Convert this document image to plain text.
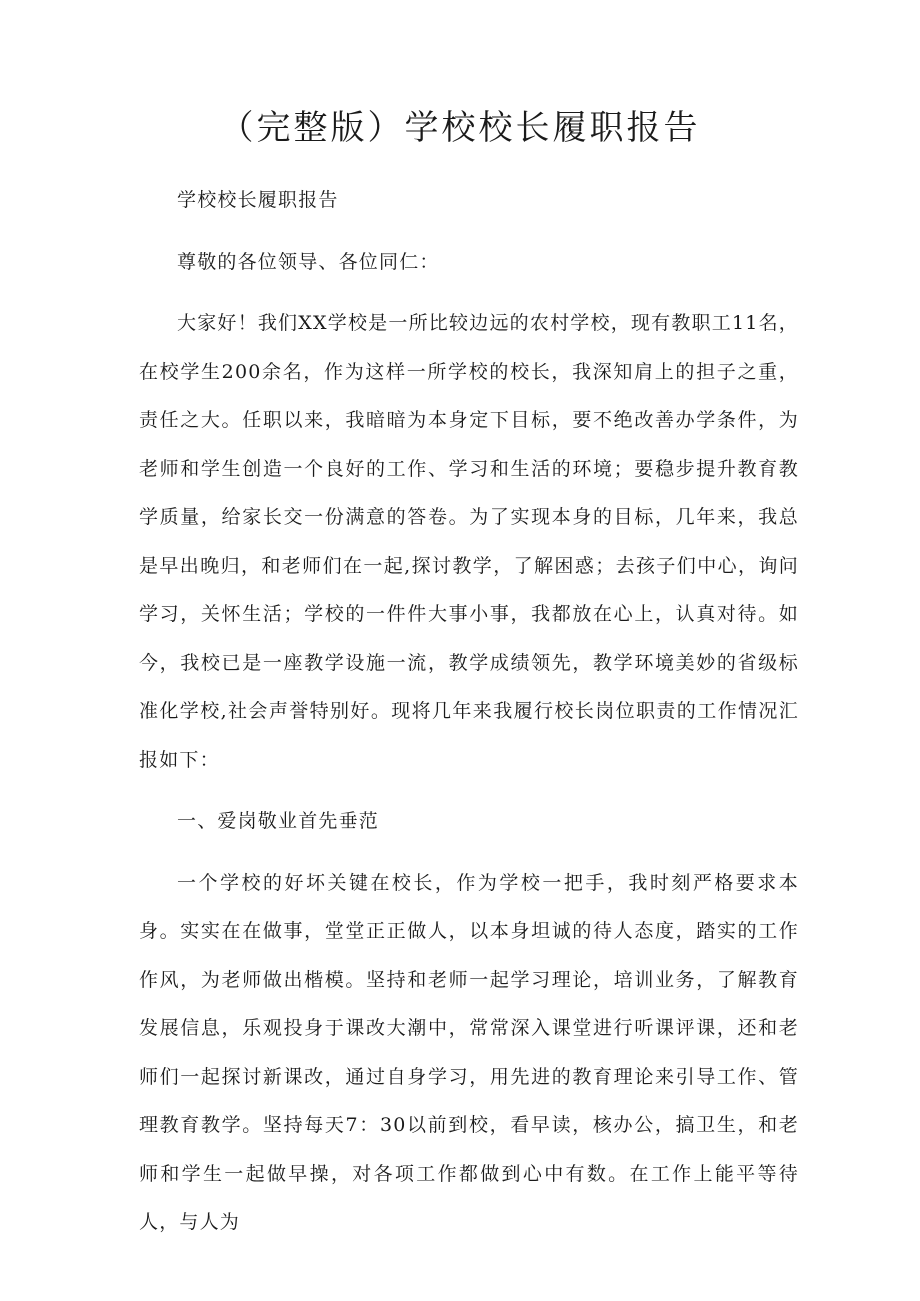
（完整版）学校校长履职报告

学校校长履职报告

尊敬的各位领导、各位同仁：

大家好！我们XX学校是一所比较边远的农村学校，现有教职工11名，在校学生200余名，作为这样一所学校的校长，我深知肩上的担子之重，责任之大。任职以来，我暗暗为本身定下目标，要不绝改善办学条件，为老师和学生创造一个良好的工作、学习和生活的环境；要稳步提升教育教学质量，给家长交一份满意的答卷。为了实现本身的目标，几年来，我总是早出晚归，和老师们在一起,探讨教学，了解困惑；去孩子们中心，询问学习，关怀生活；学校的一件件大事小事，我都放在心上，认真对待。如今，我校已是一座教学设施一流，教学成绩领先，教学环境美妙的省级标准化学校,社会声誉特别好。现将几年来我履行校长岗位职责的工作情况汇报如下：

一、爱岗敬业首先垂范

一个学校的好坏关键在校长，作为学校一把手，我时刻严格要求本身。实实在在做事，堂堂正正做人，以本身坦诚的待人态度，踏实的工作作风，为老师做出楷模。坚持和老师一起学习理论，培训业务，了解教育发展信息，乐观投身于课改大潮中，常常深入课堂进行听课评课，还和老师们一起探讨新课改，通过自身学习，用先进的教育理论来引导工作、管理教育教学。坚持每天7：30以前到校，看早读，核办公，搞卫生，和老师和学生一起做早操，对各项工作都做到心中有数。在工作上能平等待人，与人为
